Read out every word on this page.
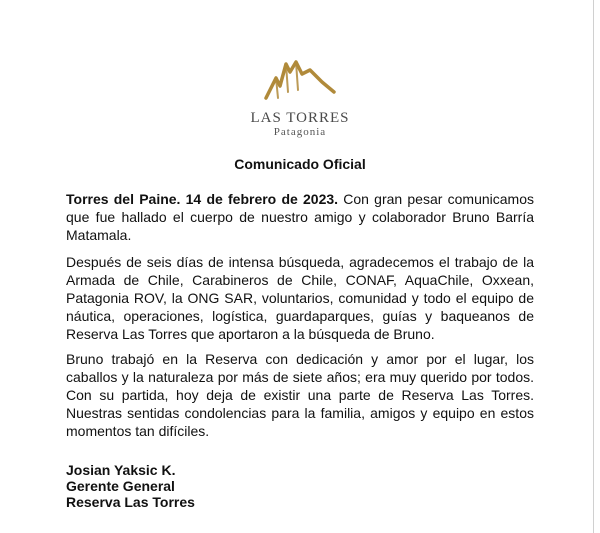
LAS TORRES
Patagonia
Comunicado Oficial
Torres del Paine. 14 de febrero de 2023. Con gran pesar comunicamos que fue hallado el cuerpo de nuestro amigo y colaborador Bruno Barría Matamala.
Después de seis días de intensa búsqueda, agradecemos el trabajo de la Armada de Chile, Carabineros de Chile, CONAF, AquaChile, Oxxean, Patagonia ROV, la ONG SAR, voluntarios, comunidad y todo el equipo de náutica, operaciones, logística, guardaparques, guías y baqueanos de Reserva Las Torres que aportaron a la búsqueda de Bruno.
Bruno trabajó en la Reserva con dedicación y amor por el lugar, los caballos y la naturaleza por más de siete años; era muy querido por todos. Con su partida, hoy deja de existir una parte de Reserva Las Torres. Nuestras sentidas condolencias para la familia, amigos y equipo en estos momentos tan difíciles.
Josian Yaksic K.
Gerente General
Reserva Las Torres
